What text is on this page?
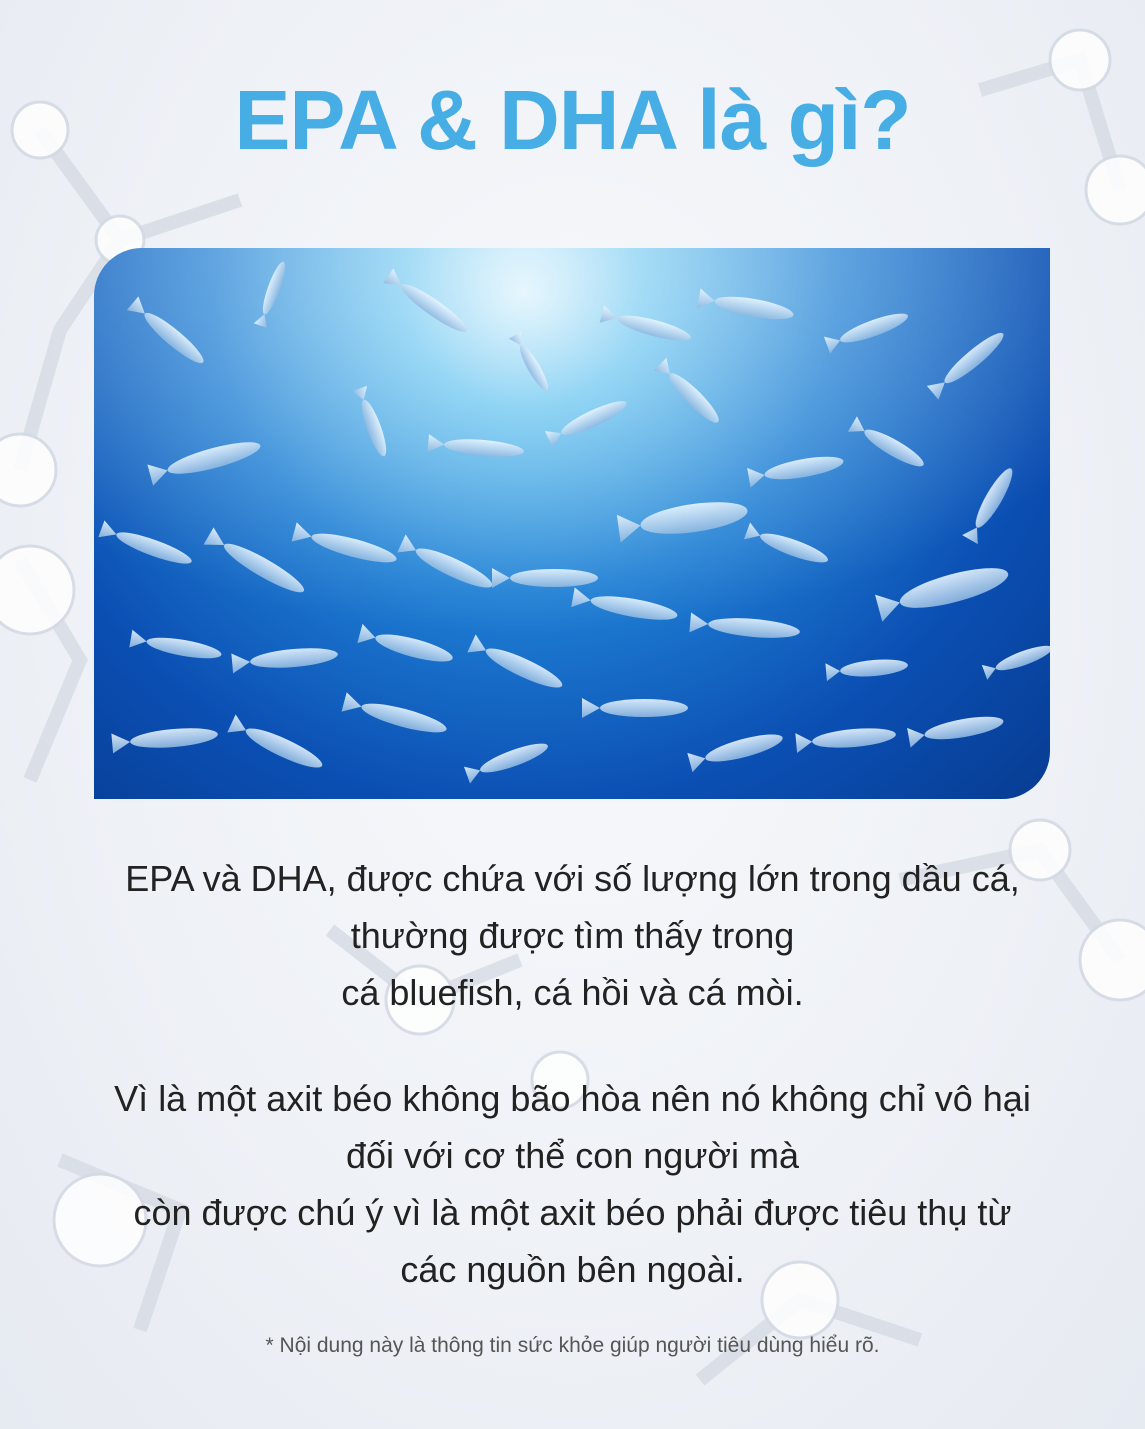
EPA & DHA là gì?

EPA và DHA, được chứa với số lượng lớn trong dầu cá,
thường được tìm thấy trong
cá bluefish, cá hồi và cá mòi.

Vì là một axit béo không bão hòa nên nó không chỉ vô hại
đối với cơ thể con người mà
còn được chú ý vì là một axit béo phải được tiêu thụ từ
các nguồn bên ngoài.

* Nội dung này là thông tin sức khỏe giúp người tiêu dùng hiểu rõ.
